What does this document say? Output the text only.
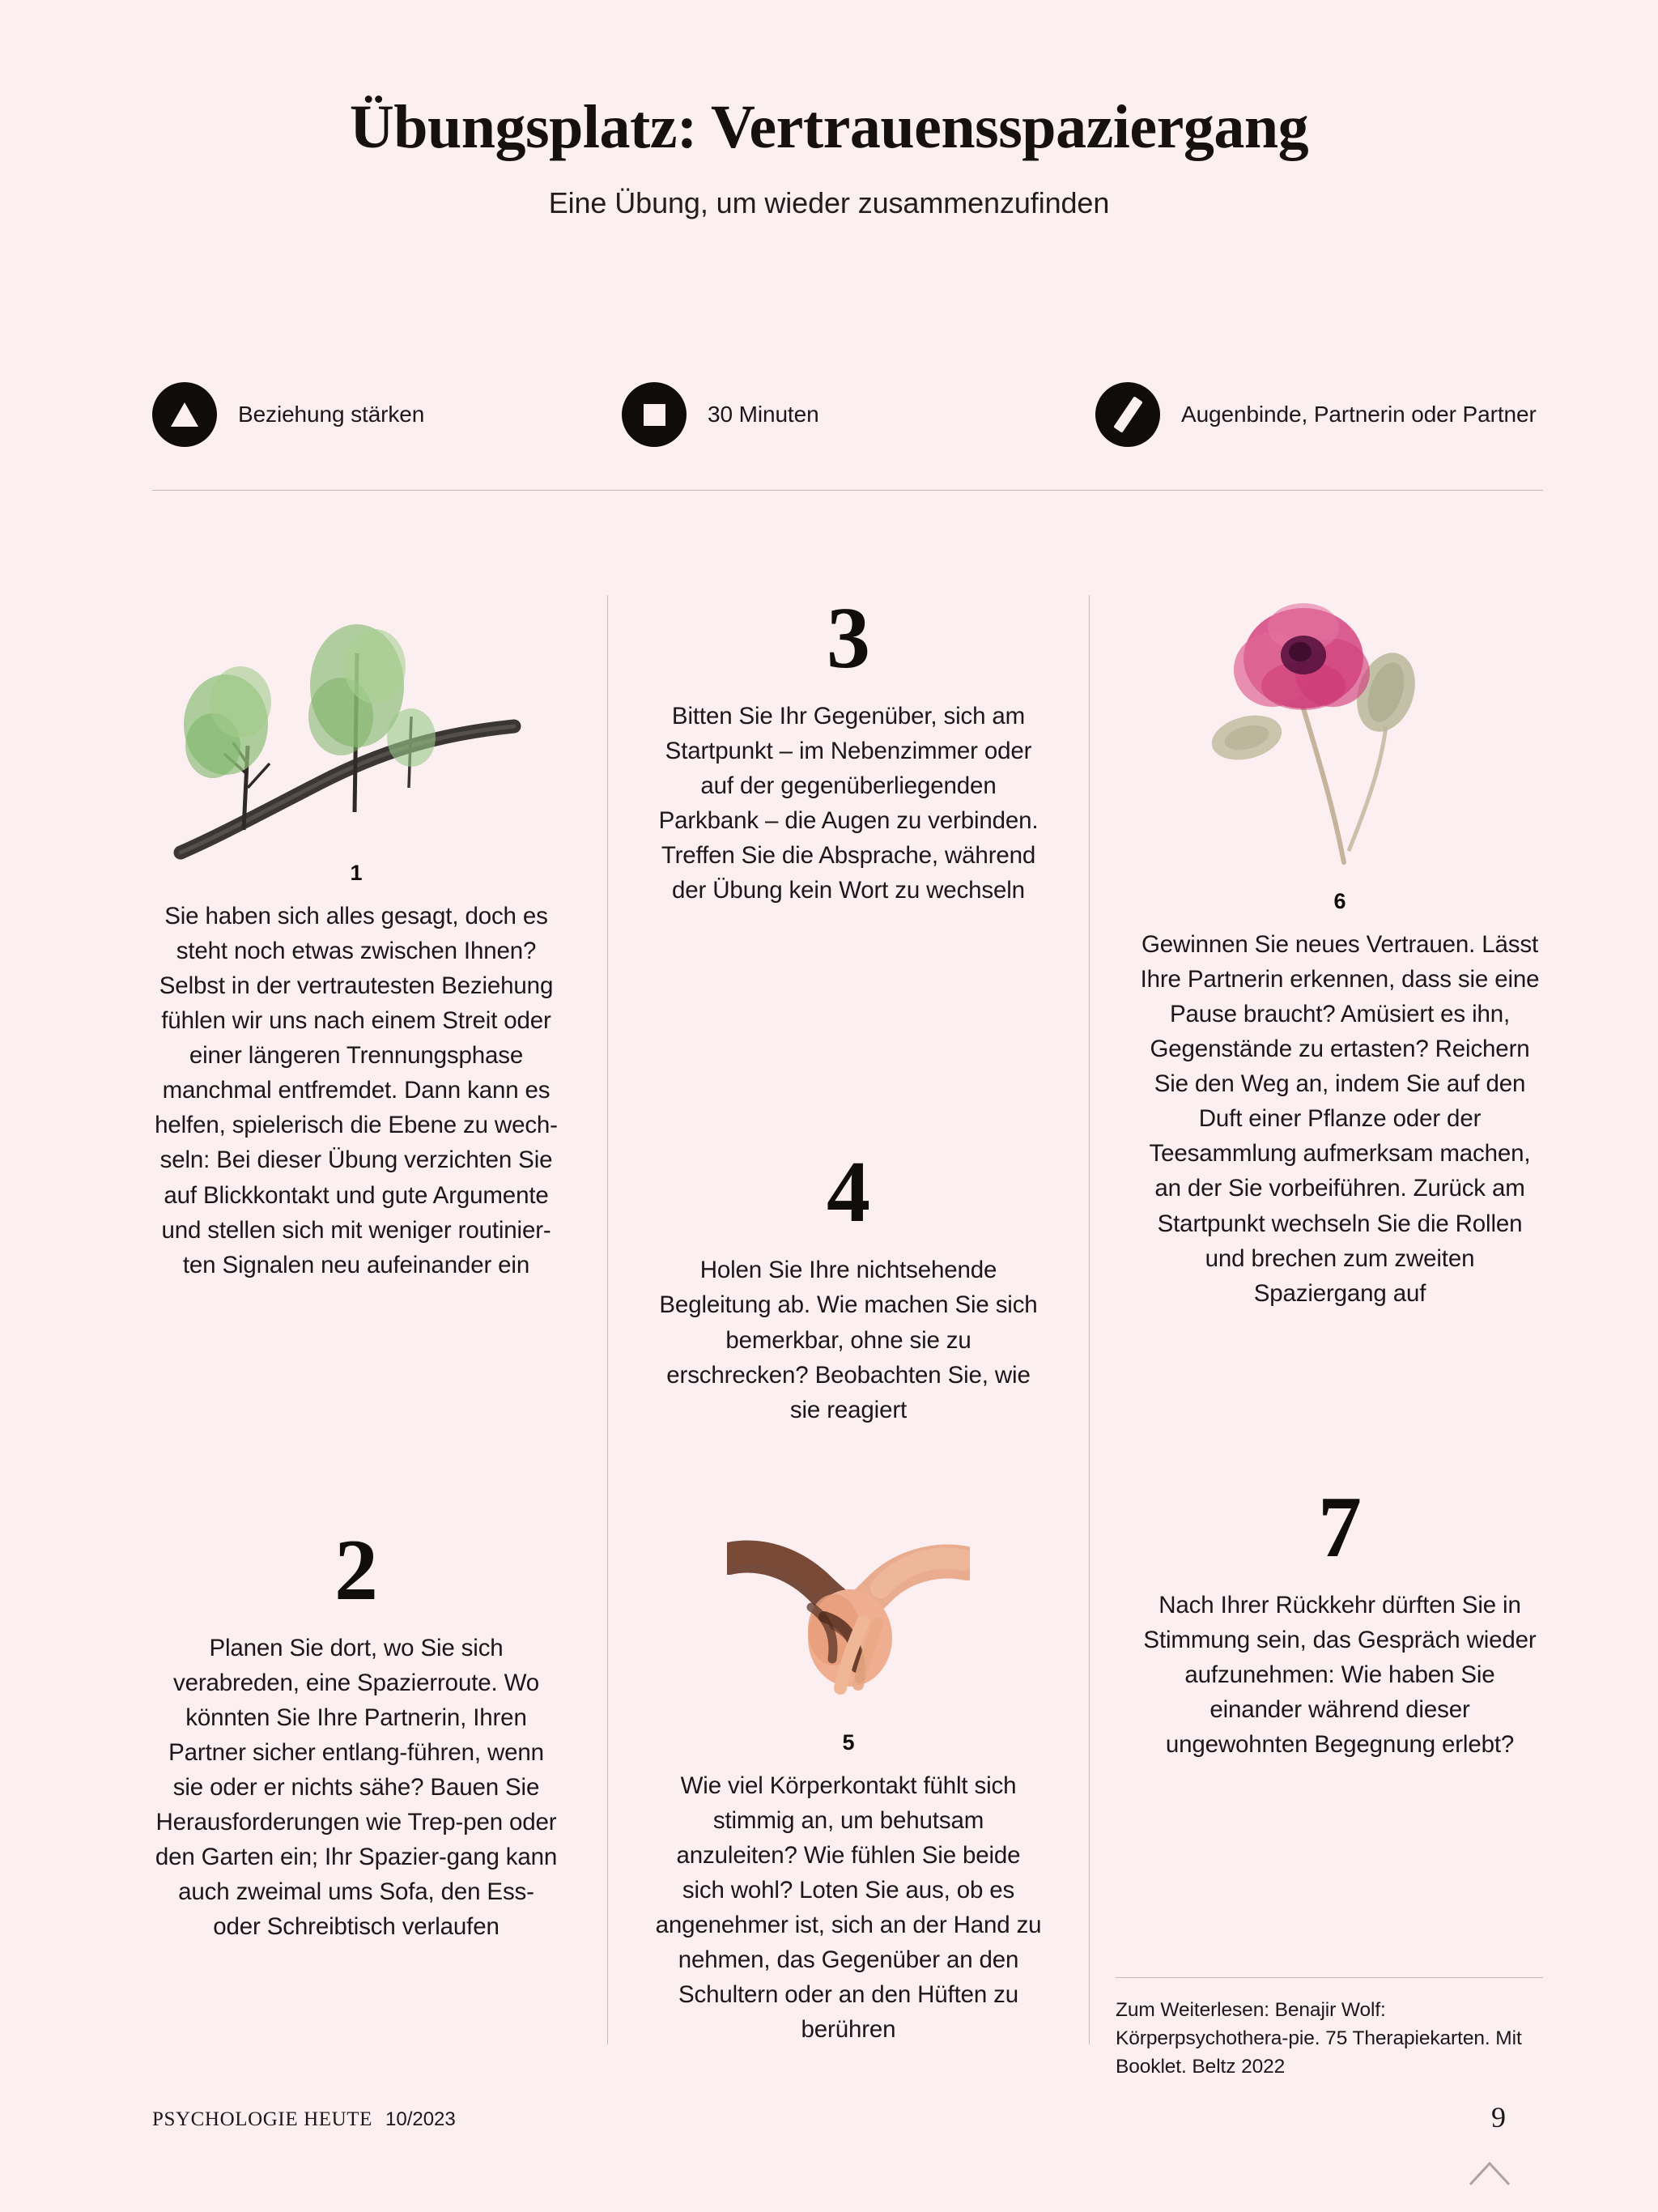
Übungsplatz: Vertrauensspaziergang

Eine Übung, um wieder zusammenzufinden

Beziehung stärken	30 Minuten	Augenbinde, Partnerin oder Partner
1

Sie haben sich alles gesagt, doch es steht noch etwas zwischen Ihnen? Selbst in der vertrautesten Beziehung fühlen wir uns nach einem Streit oder einer längeren Trennungsphase manchmal entfremdet. Dann kann es helfen, spielerisch die Ebene zu wech-seln: Bei dieser Übung verzichten Sie auf Blickkontakt und gute Argumente und stellen sich mit weniger routinier-ten Signalen neu aufeinander ein

2

Planen Sie dort, wo Sie sich verabreden, eine Spazierroute. Wo könnten Sie Ihre Partnerin, Ihren Partner sicher entlang-führen, wenn sie oder er nichts sähe? Bauen Sie Herausforderungen wie Trep-pen oder den Garten ein; Ihr Spazier-gang kann auch zweimal ums Sofa, den Ess- oder Schreibtisch verlaufen

3

Bitten Sie Ihr Gegenüber, sich am Startpunkt – im Nebenzimmer oder auf der gegenüberliegenden Parkbank – die Augen zu verbinden. Treffen Sie die Absprache, während der Übung kein Wort zu wechseln

4

Holen Sie Ihre nichtsehende Begleitung ab. Wie machen Sie sich bemerkbar, ohne sie zu erschrecken? Beobachten Sie, wie sie reagiert

5

Wie viel Körperkontakt fühlt sich stimmig an, um behutsam anzuleiten? Wie fühlen Sie beide sich wohl? Loten Sie aus, ob es angenehmer ist, sich an der Hand zu nehmen, das Gegenüber an den Schultern oder an den Hüften zu berühren

6

Gewinnen Sie neues Vertrauen. Lässt Ihre Partnerin erkennen, dass sie eine Pause braucht? Amüsiert es ihn, Gegenstände zu ertasten? Reichern Sie den Weg an, indem Sie auf den Duft einer Pflanze oder der Teesammlung aufmerksam machen, an der Sie vorbeiführen. Zurück am Startpunkt wechseln Sie die Rollen und brechen zum zweiten Spaziergang auf

7

Nach Ihrer Rückkehr dürften Sie in Stimmung sein, das Gespräch wieder aufzunehmen: Wie haben Sie einander während dieser ungewohnten Begegnung erlebt?

Zum Weiterlesen: Benajir Wolf: Körperpsychothera-pie. 75 Therapiekarten. Mit Booklet. Beltz 2022
PSYCHOLOGIE HEUTE 10/2023	9
